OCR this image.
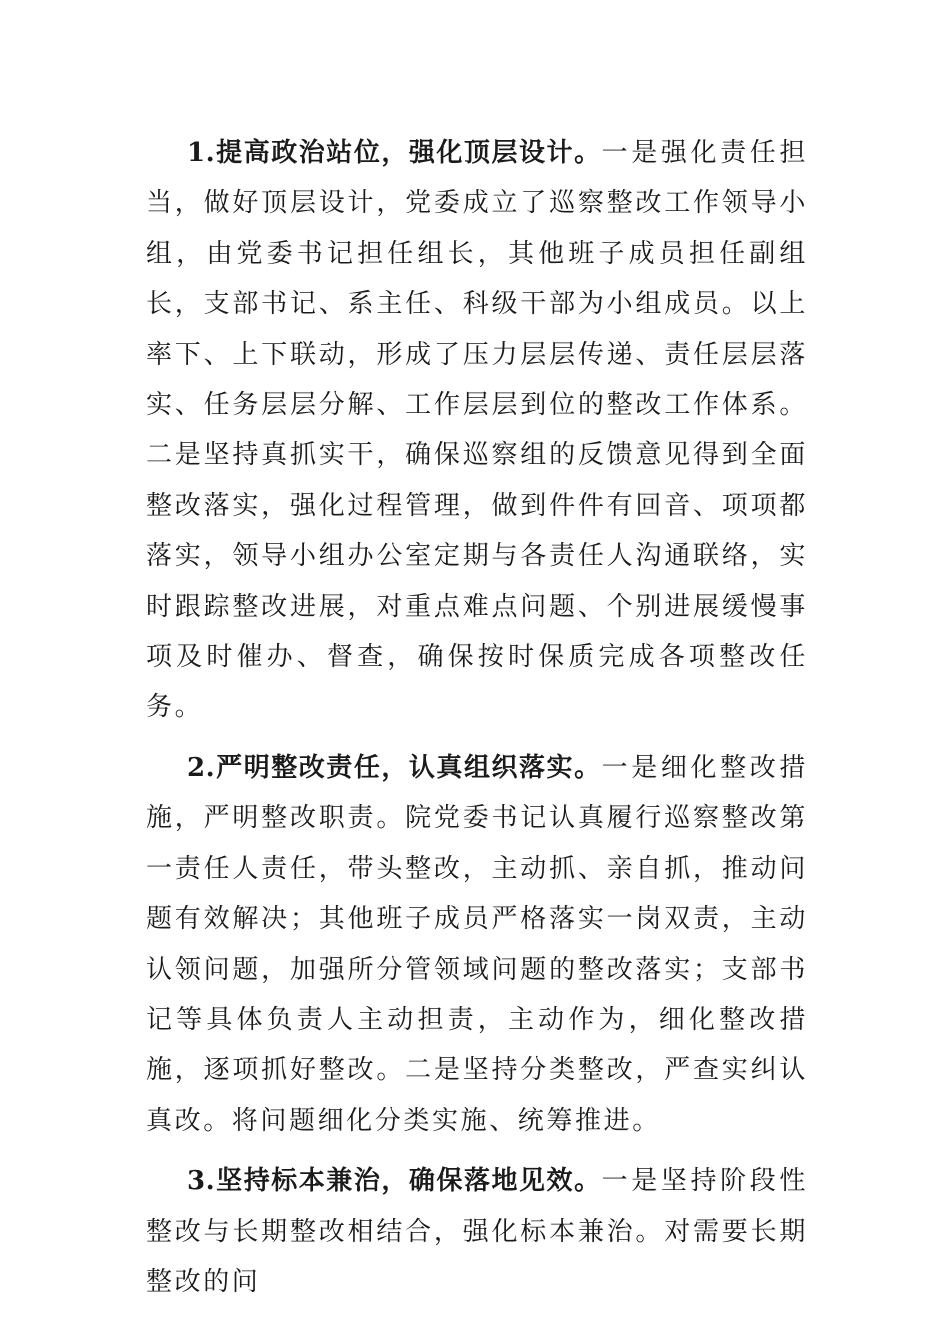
1.提高政治站位，强化顶层设计。一是强化责任担当，做好顶层设计，党委成立了巡察整改工作领导小组，由党委书记担任组长，其他班子成员担任副组长，支部书记、系主任、科级干部为小组成员。以上率下、上下联动，形成了压力层层传递、责任层层落实、任务层层分解、工作层层到位的整改工作体系。二是坚持真抓实干，确保巡察组的反馈意见得到全面整改落实，强化过程管理，做到件件有回音、项项都落实，领导小组办公室定期与各责任人沟通联络，实时跟踪整改进展，对重点难点问题、个别进展缓慢事项及时催办、督查，确保按时保质完成各项整改任务。

2.严明整改责任，认真组织落实。一是细化整改措施，严明整改职责。院党委书记认真履行巡察整改第一责任人责任，带头整改，主动抓、亲自抓，推动问题有效解决；其他班子成员严格落实一岗双责，主动认领问题，加强所分管领域问题的整改落实；支部书记等具体负责人主动担责，主动作为，细化整改措施，逐项抓好整改。二是坚持分类整改，严查实纠认真改。将问题细化分类实施、统筹推进。

3.坚持标本兼治，确保落地见效。一是坚持阶段性整改与长期整改相结合，强化标本兼治。对需要长期整改的问
